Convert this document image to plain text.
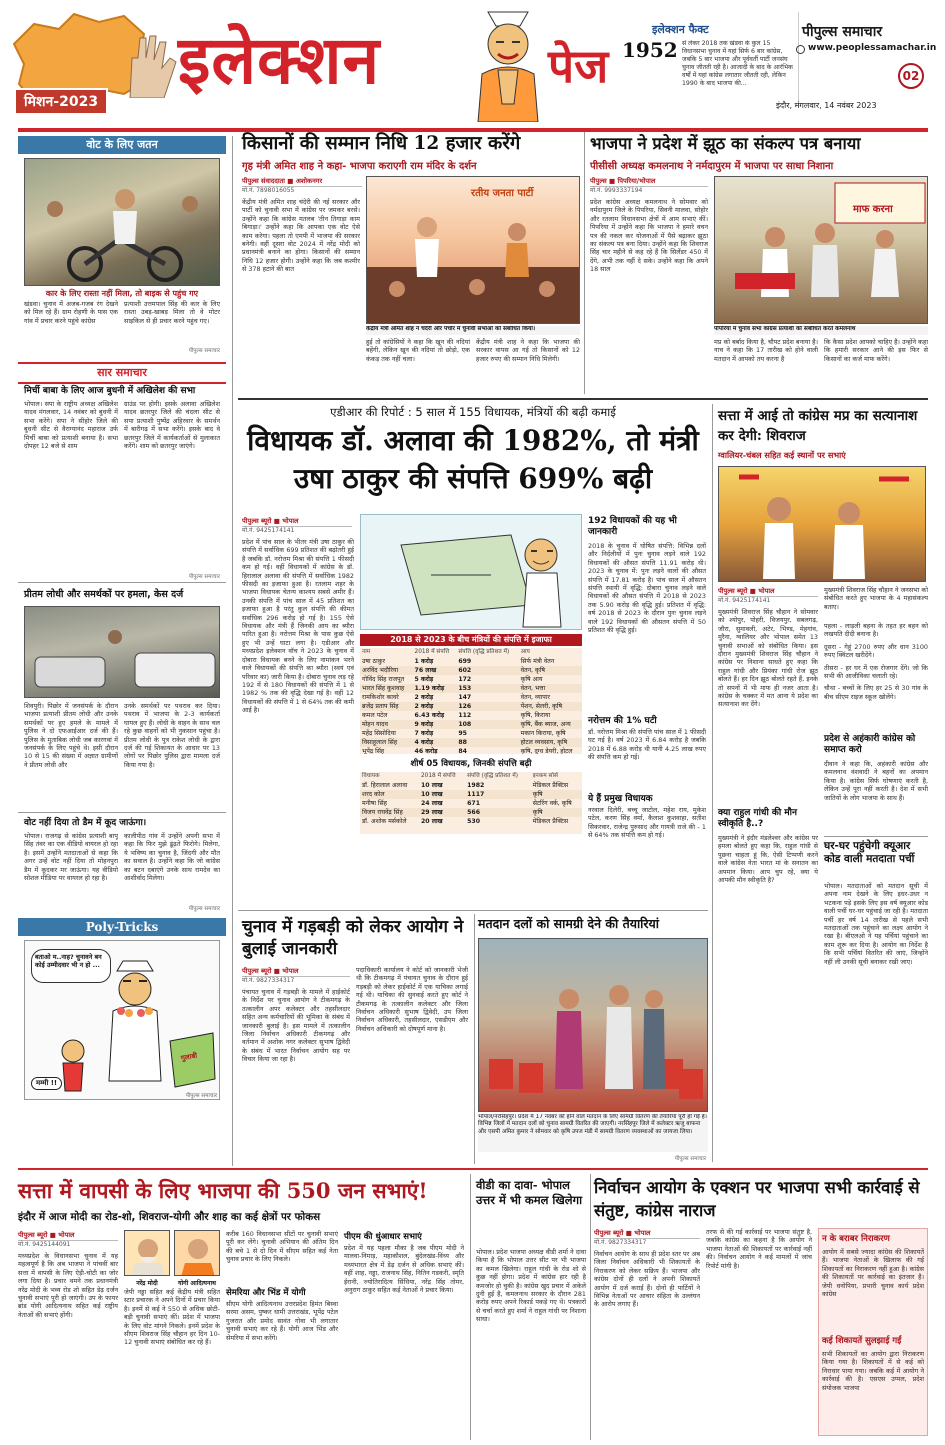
मिशन-2023
इलेक्शन	पेज
इलेक्शन फैक्ट
1952 से लेकर 2018 तक खंडवा के कुल 15 विधानसभा चुनाव में यहां सिर्फ 6 बार कांग्रेस, जबकि 5 बार भाजपा और पूर्ववर्ती पार्टी जनसंघ चुनाव जीतती रही है। आजादी के बाद के आरंभिक वर्षों में यहां कांग्रेस लगातार जीतती रही, लेकिन 1990 के बाद भाजपा की...
पीपुल्स समाचार
www.peoplessamachar.in
02
इंदौर, मंगलवार, 14 नवंबर 2023
वोट के लिए जतन
कार के लिए रास्ता नहीं मिला, तो बाइक से पहुंच गए
खंडवा। चुनाव में अजब-गजब रंग देखने को मिल रहे हैं। ग्राम रोहणी के पास एक गांव में प्रचार करने पहुंचे कांग्रेस
प्रत्याशी उत्तमपाल सिंह की कार के लिए रास्ता उबड़-खाबड़ मिला तो वे मोटर साइकिल से ही प्रचार करने पहुंच गए।
पीपुल्स समाचार
सार समाचार
मिर्ची बाबा के लिए आज बुधनी में अखिलेश की सभा
भोपाल। सपा के राष्ट्रीय अध्यक्ष अखिलेश यादव मंगलवार, 14 नवंबर को बुधनी में सभा करेंगे। सपा ने सीहोर जिले की बुधनी सीट से वैराग्यानंद महाराज उर्फ मिर्ची बाबा को प्रत्याशी बनाया है। सभा दोपहर 12 बजे से शाम
ग्राउंड पर होगी। इसके अलावा अखिलेश यादव छतरपुर जिले की चंदला सीट से सपा प्रत्याशी पुष्पेंद्र अहिरवार के समर्थन में बारीगढ़ में सभा करेंगे। इसके बाद वे छतरपुर जिले में कार्यकर्ताओं से मुलाकात करेंगे। शाम को छतरपुर जाएंगे।
पीपुल्स समाचार
प्रीतम लोधी और समर्थकों पर हमला, केस दर्ज
शिवपुरी। पिछोर में जनसंपर्क के दौरान भाजपा प्रत्याशी प्रीतम लोधी और उनके समर्थकों पर हुए हमले के मामले में पुलिस ने दो एफआईआर दर्ज की हैं। पुलिस के मुताबिक लोधी जब कारगवां में जनसंपर्क के लिए पहुंचे थे। इसी दौरान 10 से 15 की संख्या में अज्ञात ग्रामीणों ने प्रीतम लोधी और
उनके समर्थकों पर पथराव कर दिया। पथराव में भाजपा के 2-3 कार्यकर्ता घायल हुए हैं। लोधी के वाहन के साथ चल रहे कुछ वाहनों को भी नुकसान पहुंचा है। प्रीतम लोधी के पुत्र राकेश लोधी के द्वारा दर्ज की गई शिकायत के आधार पर 13 लोगों पर पिछोर पुलिस द्वारा मामला दर्ज किया गया है।
वोट नहीं दिया तो डैम में कूद जाऊंगा।
भोपाल। राजगढ़ से कांग्रेस प्रत्याशी बापू सिंह तंवर का एक वीडियो वायरल हो रहा है। इसमें उन्होंने मतदाताओं से कहा कि अगर उन्हें वोट नहीं दिया तो मोहनपुरा डैम में कूदकर मर जाऊंगा। यह वीडियो सोशल मीडिया पर वायरल हो रहा है।
कालीपीठ गांव में उन्होंने अपनी सभा में कहा कि फिर मुझे ढूंढ़ते फिरोगे। मिलेगा, ये भविष्य का चुनाव है, जिंदगी और मौत का सवाल है। उन्होंने कहा कि जो कांग्रेस का बटन दबाएंगे उनके साथ रामदेव का आशीर्वाद मिलेगा।
पीपुल्स समाचार
Poly-Tricks
बताओ म..नाह? चुनावने बन कोई उम्मीदवार भी न हो ...
गुलाबी
मम्मी !!
पीपुल्स समाचार
किसानों की सम्मान निधि 12 हजार करेंगे
गृह मंत्री अमित शाह ने कहा- भाजपा कराएगी राम मंदिर के दर्शन
पीपुल्स संवाददाता ■ अशोकनगर
मो.नं. 7898016055
केंद्रीय मंत्री अमित शाह चंदेरी की नई सरकार और पार्टी को चुनावी सभा में कांग्रेस पर जमकर बरसे। उन्होंने कहा कि कांग्रेस मतलब 'तीन तिगाड़ा काम बिगाड़ा।' उन्होंने कहा कि आपका एक वोट ऐसे काम करेगा। पहला तो एमपी में भाजपा की सरकार बनेगी। वहीं दूसरा वोट 2024 में नरेंद्र मोदी को प्रधानमंत्री बनाने का होगा। किसानों की सम्मान निधि 12 हजार होगी। उन्होंने कहा कि जब कश्मीर से 378 हटाने की बात
रतीय जनता पार्टी
केंद्रीय मंत्री अमित शाह ने चंदेरी और पचोर में चुनावी सभाओं को संबोधित किया।
हुई तो कांग्रेसियों ने कहा कि खून की नदियां बहेंगी, लेकिन खून की नदियां तो छोड़ो, एक कंकड़ तक नहीं चला।
केंद्रीय मंत्री शाह ने कहा कि भाजपा की सरकार वापस आ गई तो किसानों को 12 हजार रुपए की सम्मान निधि मिलेगी।
भाजपा ने प्रदेश में झूठ का संकल्प पत्र बनाया
पीसीसी अध्यक्ष कमलनाथ ने नर्मदापुरम में भाजपा पर साधा निशाना
पीपुल्स ■ पिपरिया/भोपाल
मो.नं. 9993337194
प्रदेश कांग्रेस अध्यक्ष कमलनाथ ने सोमवार को नर्मदापुरम जिले के पिपरिया, सिवनी मालवा, सोहोर और रतलाम विधानसभा क्षेत्रों में आम सभाएं कीं। पिपरिया में उन्होंने कहा कि भाजपा ने हमारे वचन पत्र की नकल कर योजनाओं में पैसे बढ़ाकर झूठा का संकल्प पत्र बना दिया। उन्होंने कहा कि शिवराज सिंह चार महीने से कह रहे हैं कि सिलेंडर 450 में देंगे, अभी तक नहीं दे सके। उन्होंने कहा कि अपने 18 साल
माफ करना
पीपरिया में चुनाव सभा कांग्रेस प्रत्याशी को संबोधित करते कमलनाथ
मप्र को बर्बाद किया है, चौपट प्रदेश बनाया है। नाच ने कहा कि 17 तारीख को होने वाली मतदान में आपको तय करना है
कि कैसा प्रदेश आपको चाहिए है। उन्होंने कहा कि हमारी सरकार आने की इस फिर से किसानों का कर्ज माफ करेंगे।
एडीआर की रिपोर्ट : 5 साल में 155 विधायक, मंत्रियों की बढ़ी कमाई
विधायक डॉ. अलावा की 1982%, तो मंत्री उषा ठाकुर की संपत्ति 699% बढ़ी
पीपुल्स ब्यूरो ■ भोपाल
मो.नं. 9425174141
प्रदेश में पांच साल के भीतर मंत्री उषा ठाकुर की संपत्ति में सर्वाधिक 699 प्रतिशत की बढ़ोतरी हुई है जबकि डॉ. नरोत्तम मिश्रा की संपत्ति 1 फीसदी कम हो गई। वहीं विधायकों में कांग्रेस के डॉ. हिरालाल अलावा की संपत्ति में सर्वाधिक 1982 फीसदी का इजाफा हुआ है। रतलाम शहर के भाजपा विधायक चेतन्य काश्यप सबसे अमीर हैं। उनकी संपत्ति में पांच साल में 45 प्रतिशत का इजाफा हुआ है परंतु कुल संपत्ति की कीमत सर्वाधिक 296 करोड़ हो गई है। 155 ऐसे विधायक और मंत्री हैं जिनकी आय का ब्यौरा पारित हुआ है। नरोत्तम मिश्रा के पास कुछ ऐसे हुए भी उन्हें घाटा लगा है। एडीआर और मध्यप्रदेश इलेक्शन वॉच ने 2023 के चुनाव में दोबारा विधायक बनने के लिए नामांकन भरने वाले विधायकों की संपत्ति का ब्यौरा (स्वयं एवं परिवार का) जारी किया है। दोबारा चुनाव लड़ रहे 192 में से 180 विधायकों की संपत्ति में 1 से 1982 % तक की वृद्धि देखा गई है। वहीं 12 विधायकों की संपत्ति में 1 से 64% तक की कमी आई है।
2018 से 2023 के बीच मंत्रियों की संपत्ति में इजाफा
नाम	2018 में संपत्ति	संपत्ति (वृद्धि प्रतिशत में)	आय
उषा ठाकुर	1 करोड़	699	सिर्फ मंत्री वेतन
अरविंद भदौरिया	76 लाख	602	वेतन, कृषि
गोविंद सिंह राजपूत	5 करोड़	172	कृषि आय
भारत सिंह कुशवाह	1.19 करोड़	153	वेतन, भत्ता
रामकिशोर कावरे	2 करोड़	147	वेतन, व्यापार
ब्रजेंद्र प्रताप सिंह	2 करोड़	126	पेंशन, सेलरी, कृषि
कमल पटेल	6.43 करोड़	112	कृषि, किराया
मोहन यादव	9 करोड़	108	कृषि, बैंक ब्याज, अन्य
महेंद्र सिसोदिया	7 करोड़	95	मकान किराया, कृषि
विसाहूलाल सिंह	4 करोड़	88	होटल व्यवसाय, कृषि
भूपेंद्र सिंह	46 करोड़	84	कृषि, दुग्ध डेयरी, होटल
शीर्ष 05 विधायक, जिनकी संपत्ति बढ़ी
विधायक	2018 में संपत्ति	संपत्ति (वृद्धि प्रतिशत में)	इनकम सोर्स
डॉ. हिरालाल अलावा	10 लाख	1982	मेडिकल प्रैक्टिस
शरद कोल	10 लाख	1117	कृषि
मनीषा सिंह	24 लाख	671	सेटरिंग वर्क, कृषि
विजय राघवेंद्र सिंह	29 लाख	566	कृषि
डॉ. अशोक मर्सकोले	20 लाख	530	मेडिकल प्रैक्टिस
192 विधायकों की यह भी जानकारी
2018 के चुनाव में घोषित संपत्ति: विभिन्न दलों और निर्दलीयों में पुनः चुनाव लड़ने वाले 192 विधायकों की औसत संपत्ति 11.91 करोड़ थी। 2023 के चुनाव में: पुनः लड़ने वालों की औसत संपत्ति में 17.81 करोड़ है। पांच साल में औसतन संपत्ति स्थायी में वृद्धि: दोबारा चुनाव लड़ने वाले विधायकों की औसत संपत्ति में 2018 से 2023 तक 5.90 करोड़ की वृद्धि हुई। प्रतिशत में वृद्धि: वर्ष 2018 से 2023 के दौरान पुनः चुनाव लड़ने वाले 192 विधायकों की औसतन संपत्ति में 50 प्रतिशत की वृद्धि हुई।
नरोत्तम की 1% घटी
डॉ. नरोत्तम मिश्रा की संपत्ति पांच साल में 1 फीसदी घट गई है। वर्ष 2023 में 6.84 करोड़ है जबकि 2018 में 6.88 करोड़ थी यानी 4.25 लाख रुपए की संपत्ति कम हो गई।
ये हैं प्रमुख विधायक
नरवाल दिलेरी, बच्चू जाटोल, महेश राय, मुकेश पटेल, करण सिंह वर्मा, कैलाश कुशवाहा, सतीश सिकरवार, राजेन्द्र पुरुसाद और गायत्री राजे की - 1 से 64% तक संपत्ति कम हो गई।
सत्ता में आई तो कांग्रेस मप्र का सत्यानाश कर देगी: शिवराज
ग्वालियर-चंबल सहित कई स्थानों पर सभाएं
पीपुल्स ब्यूरो ■ भोपाल
मो.नं. 9425174141
मुख्यमंत्री शिवराज सिंह चौहान ने सोमवार को श्योपुर, पोहरी, विजयपुर, सबलगढ़, जौरा, सुमावली, अटेर, भिण्ड, मेहगांव, मुरैना, ग्वालियर और भोपाल समेत 13 चुनावी सभाओं को संबोधित किया। इस दौरान मुख्यमंत्री शिवराज सिंह चौहान ने कांग्रेस पर निशाना साधते हुए कहा कि राहुल गांधी और प्रियंका गांधी रोज झूठ बोलते हैं। हर दिन झूठ बोलते रहते हैं, इनके तो सपनों में भी माफ ही नजर आता है। कांग्रेस के चक्कर में मत आना ये प्रदेश का सत्यानाश कर देंगे।
क्या राहुल गांधी की मौन स्वीकृति है..?
मुख्यमंत्री ने इंदौर मंडलेश्वर और कांग्रेस पर हमला बोलते हुए कहा कि, राहुल गांधी से पूछना चाहता हूं कि, ऐसी टिप्पणी करने वाले कांग्रेस नेता भारत मां के सनातन का अपमान किया। आप चुप रहे, क्या ये आपकी मौन स्वीकृति है?
मुख्यमंत्री शिवराज सिंह चौहान ने जनसभा को संबोधित करते हुए भाजपा के 4 महासंकल्प बताए।
पहला - लाड़ली बहना के तहत हर बहन को लखपति दीदी बनाना है।
दूसरा - गेहूं 2700 रुपए और धान 3100 रुपए क्विंटल खरीदेंगे।
तीसरा - हर घर में एक रोजगार देंगे। जो कि सभी की आजीविका चलाती रहे।
चौथा - बच्चों के लिए हर 25 से 30 गांव के बीच सीएम राइज स्कूल खोलेंगे।
प्रदेश से अहंकारी कांग्रेस को समाप्त करो
दीवान ने कहा कि, अहंकारी कांग्रेस और कमलनाथ वंशवादी ने बहनों का अपमान किया है। कांग्रेस सिर्फ घोषणाएं करती है, लेकिन उन्हें पूरा नहीं करती है। देश में सभी जातियों के लोग भाजपा के साथ हैं।
घर-घर पहुंचेगी क्यूआर कोड वाली मतदाता पर्ची
भोपाल। मतदाताओं को मतदान सूची में अपना नाम देखने के लिए इधर-उधर न भटकना पड़े इसके लिए इस वर्ष क्यूआर कोड वाली पर्ची घर-घर पहुंचाई जा रही है। मतदाता पर्ची हर वर्ष 14 तारीख से पहले सभी मतदाताओं तक पहुंचाने का लक्ष्य आयोग ने रखा है। बीएलओ ने यह पर्चियां पहुंचाने का काम शुरू कर दिया है। आयोग का निर्देश है कि सभी पर्चियां वितरित की जाएं, जिन्होंने नहीं ली उनकी सूची बनाकर रखी जाए।
चुनाव में गड़बड़ी को लेकर आयोग ने बुलाई जानकारी
पीपुल्स ब्यूरो ■ भोपाल
मो.नं. 9827334317
पंचायत चुनाव में गड़बड़ी के मामले में हाईकोर्ट के निर्देश पर चुनाव आयोग ने टीकमगढ़ के तत्कालीन अपर कलेक्टर और तहसीलदार सहित अन्य कर्मचारियों की भूमिका के संबंध में जानकारी बुलाई है। इस मामले में तत्कालीन जिला निर्वाचन अधिकारी टीकमगढ़ और वर्तमान में अशोक नगर कलेक्टर सुभाष द्विवेदी के संबंध में भारत निर्वाचन आयोग सह पर विचार किया जा रहा है।
पदाधिकारी कार्यालय ने कोर्ट को जानकारी भेजी थी कि टीकमगढ़ में पंचायत चुनाव के दौरान हुई गड़बड़ी को लेकर हाईकोर्ट में एक याचिका लगाई गई थी। याचिका की सुनवाई करते हुए कोर्ट ने टीकमगढ़ के तत्कालीन कलेक्टर और जिला निर्वाचन अधिकारी सुभाष द्विवेदी, उप जिला निर्वाचन अधिकारी, तहसीलदार, एसडीएम और निर्वाचन अधिकारी को दोषपूर्ण माना है।
मतदान दलों को सामग्री देने की तैयारियां
भोपाल/नरसिंहपुर। प्रदेश में 17 नवंबर को होने वाले मतदान के लिए सामग्री वितरण की तैयारियां पूरी हो गई हैं। विभिन्न जिलों में मतदान दलों को चुनाव सामग्री वितरित की जाएगी। नरसिंहपुर जिले में कलेक्टर ऋजु बाफना और एसपी अमित कुमार ने सोमवार को कृषि उपज मंडी में सामग्री वितरण व्यवस्थाओं का जायजा लिया।
पीपुल्स समाचार
सत्ता में वापसी के लिए भाजपा की 550 जन सभाएं!
इंदौर में आज मोदी का रोड-शो, शिवराज-योगी और शाह का कई क्षेत्रों पर फोकस
पीपुल्स ब्यूरो ■ भोपाल
मो.नं. 9425144091
मध्यप्रदेश के विधानसभा चुनाव में यह महत्वपूर्ण है कि अब भाजपा ने पांचवीं बार सत्ता में वापसी के लिए ऐड़ी-चोटी का जोर लगा दिया है। प्रचार थमने तक प्रधानमंत्री नरेंद्र मोदी के भव्य रोड शो सहित डेढ़ दर्जन चुनावी सभाएं पूरी हो जाएंगी। उप के फायर ब्रांड योगी आदित्यनाथ सहित कई राष्ट्रीय नेताओं की सभाएं होंगी।
नरेंद्र मोदी	योगी आदित्यनाथ
जेपी नड्डा सहित कई केंद्रीय मंत्री सहित स्टार प्रचारक ने अपने दिनों में प्रचार किया है। इनमें से कई ने 550 से अधिक छोटी-बड़ी चुनावी सभाएं कीं। प्रदेश में भाजपा के लिए वोट मांगने निकले। इनमें प्रदेश के सीएम शिवराज सिंह चौहान हर दिन 10-12 चुनावी सभाएं संबोधित कर रहे हैं।
करीब 160 विधानसभा सीटों पर चुनावी सभाएं पूरी कर लेंगे। चुनावी अभियान की अंतिम दिन की बचे 1 से दो दिन में सीएम सहित कई नेता चुनाव प्रचार के लिए निकले।
सेमरिया और भिंड में योगी
सीएम योगी आदित्यनाथ उत्तरप्रदेश हिमंत बिस्वा सरमा असम, पुष्कर धामी उत्तराखंड, भूपेंद्र पटेल गुजरात और प्रमोद सावंत गोवा भी लगातार चुनावी सभाएं कर रहे हैं। योगी आज भिंड और सेमरिया में सभा करेंगे।
पीएम की धुंआधार सभाएं
प्रदेश में यह पहला मौका है जब पीएम मोदी ने मालवा-निमाड़, महाकौशल, बुंदेलखंड-विंध्य और मध्यभारत क्षेत्र में डेढ़ दर्जन से अधिक सभाएं कीं। वहीं शाह, नड्डा, राजनाथ सिंह, नितिन गडकरी, स्मृति ईरानी, ज्योतिरादित्य सिंधिया, नरेंद्र सिंह तोमर, अनुराग ठाकुर सहित कई नेताओं ने प्रचार किया।
वीडी का दावा- भोपाल उत्तर में भी कमल खिलेगा
भोपाल। प्रदेश भाजपा अध्यक्ष वीडी शर्मा ने दावा किया है कि भोपाल उत्तर सीट पर भी भाजपा का कमल खिलेगा। राहुल गांधी के रोड शो से कुछ नहीं होगा। प्रदेश में कांग्रेस हार रही है कमजोर हो चुकी है। कांग्रेस खुद प्रचार में अकेले दुनी हुई है, कमलनाथ सरकार के दौरान 281 करोड़ रुपए अपने रिकार्ड पकड़े गए थे। पत्रकारों से चर्चा करते हुए शर्मा ने राहुल गांधी पर निशाना साधा।
निर्वाचन आयोग के एक्शन पर भाजपा सभी कार्रवाई से संतुष्ट, कांग्रेस नाराज
पीपुल्स ब्यूरो ■ भोपाल
मो.नं. 9827334317
निर्वाचन आयोग के साथ ही प्रदेश स्तर पर अब जिला निर्वाचन अधिकारी भी शिकायतों के निराकरण को लेकर सक्रिय हैं। भाजपा और कांग्रेस दोनों ही दलों ने अपनी शिकायतें आयोग में दर्ज कराई हैं। दोनों ही पार्टियों ने विभिन्न नेताओं पर आचार संहिता के उल्लंघन के आरोप लगाए हैं।
तरफ से की गई कार्रवाई पर भाजपा संतुष्ट है, जबकि कांग्रेस का कहना है कि आयोग ने भाजपा नेताओं की शिकायतों पर कार्रवाई नहीं की। निर्वाचन आयोग ने कई मामलों में जांच रिपोर्ट मांगी है।
न के बराबर निराकरण
आयोग में सबसे ज्यादा कांग्रेस की शिकायतें हैं। भाजपा नेताओं के खिलाफ की गई शिकायतों का निराकरण नहीं हुआ है। कांग्रेस की शिकायतों पर कार्रवाई का इंतजार है। जेपी धनोपिया, प्रभारी चुनाव कार्य प्रदेश कांग्रेस
कई शिकायतें सुलझाई गईं
सभी शिकायतों का आयोग द्वारा निराकरण किया गया है। शिकायतों में से कई को निराधार पाया गया। जबकि कई में आयोग ने कार्रवाई की है। एसएस उप्पल, प्रदेश संयोजक भाजपा
